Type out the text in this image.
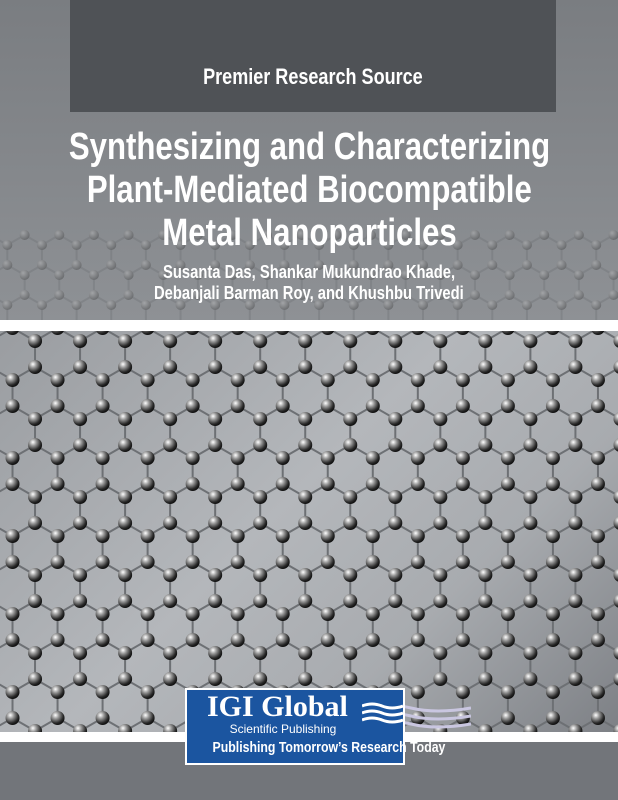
Premier Research Source
Synthesizing and Characterizing
Plant-Mediated Biocompatible
Metal Nanoparticles
Susanta Das, Shankar Mukundrao Khade,
Debanjali Barman Roy, and Khushbu Trivedi
IGI Global
Scientific Publishing
Publishing Tomorrow’s Research Today
